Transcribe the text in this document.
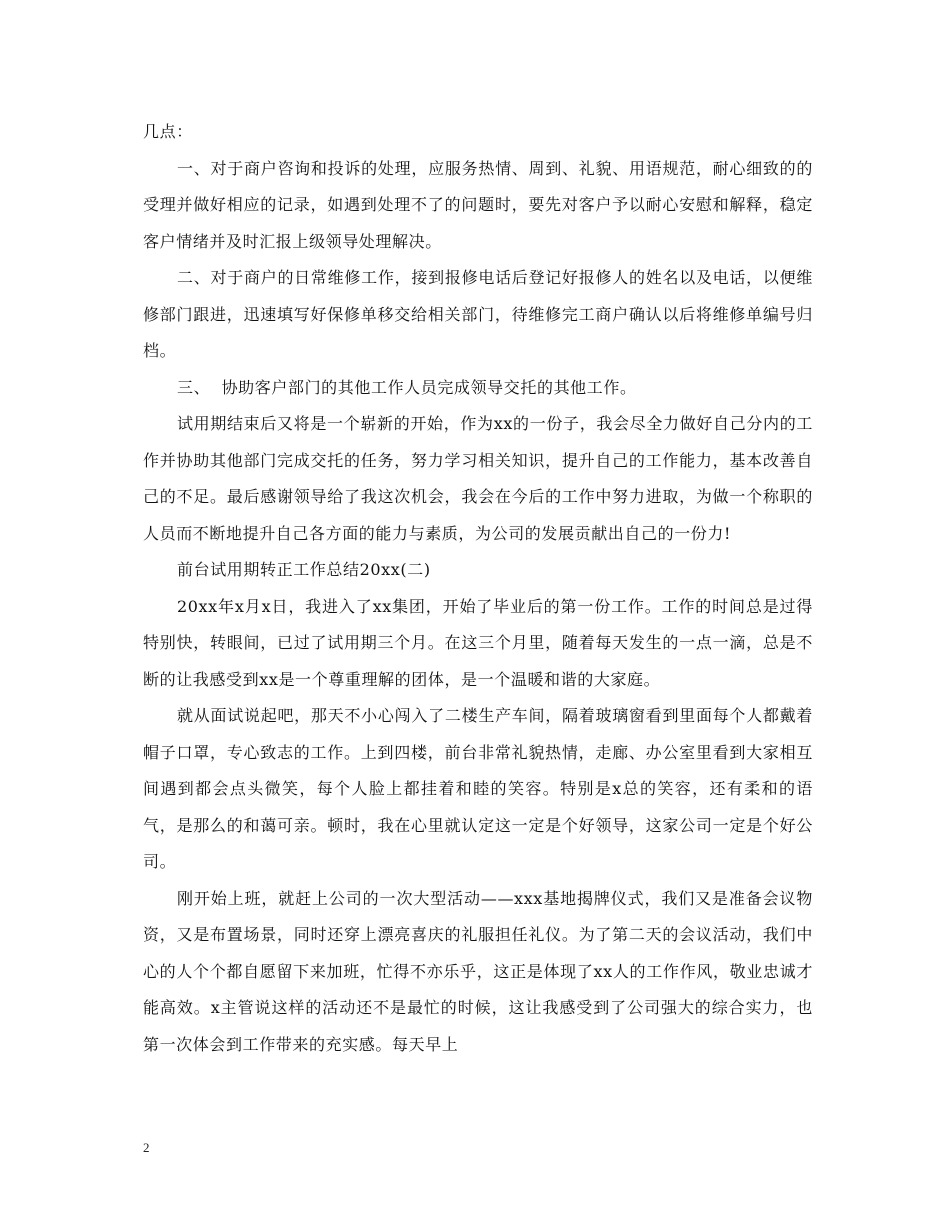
几点：

一、对于商户咨询和投诉的处理，应服务热情、周到、礼貌、用语规范，耐心细致的的受理并做好相应的记录，如遇到处理不了的问题时，要先对客户予以耐心安慰和解释，稳定客户情绪并及时汇报上级领导处理解决。

二、对于商户的日常维修工作，接到报修电话后登记好报修人的姓名以及电话，以便维修部门跟进，迅速填写好保修单移交给相关部门，待维修完工商户确认以后将维修单编号归档。

三、  协助客户部门的其他工作人员完成领导交托的其他工作。

试用期结束后又将是一个崭新的开始，作为xx的一份子，我会尽全力做好自己分内的工作并协助其他部门完成交托的任务，努力学习相关知识，提升自己的工作能力，基本改善自己的不足。最后感谢领导给了我这次机会，我会在今后的工作中努力进取，为做一个称职的人员而不断地提升自己各方面的能力与素质，为公司的发展贡献出自己的一份力!

前台试用期转正工作总结20xx(二)

20xx年x月x日，我进入了xx集团，开始了毕业后的第一份工作。工作的时间总是过得特别快，转眼间，已过了试用期三个月。在这三个月里，随着每天发生的一点一滴，总是不断的让我感受到xx是一个尊重理解的团体，是一个温暖和谐的大家庭。

就从面试说起吧，那天不小心闯入了二楼生产车间，隔着玻璃窗看到里面每个人都戴着帽子口罩，专心致志的工作。上到四楼，前台非常礼貌热情，走廊、办公室里看到大家相互间遇到都会点头微笑，每个人脸上都挂着和睦的笑容。特别是x总的笑容，还有柔和的语气，是那么的和蔼可亲。顿时，我在心里就认定这一定是个好领导，这家公司一定是个好公司。

刚开始上班，就赶上公司的一次大型活动——xxx基地揭牌仪式，我们又是准备会议物资，又是布置场景，同时还穿上漂亮喜庆的礼服担任礼仪。为了第二天的会议活动，我们中心的人个个都自愿留下来加班，忙得不亦乐乎，这正是体现了xx人的工作作风，敬业忠诚才能高效。x主管说这样的活动还不是最忙的时候，这让我感受到了公司强大的综合实力，也第一次体会到工作带来的充实感。每天早上

2
